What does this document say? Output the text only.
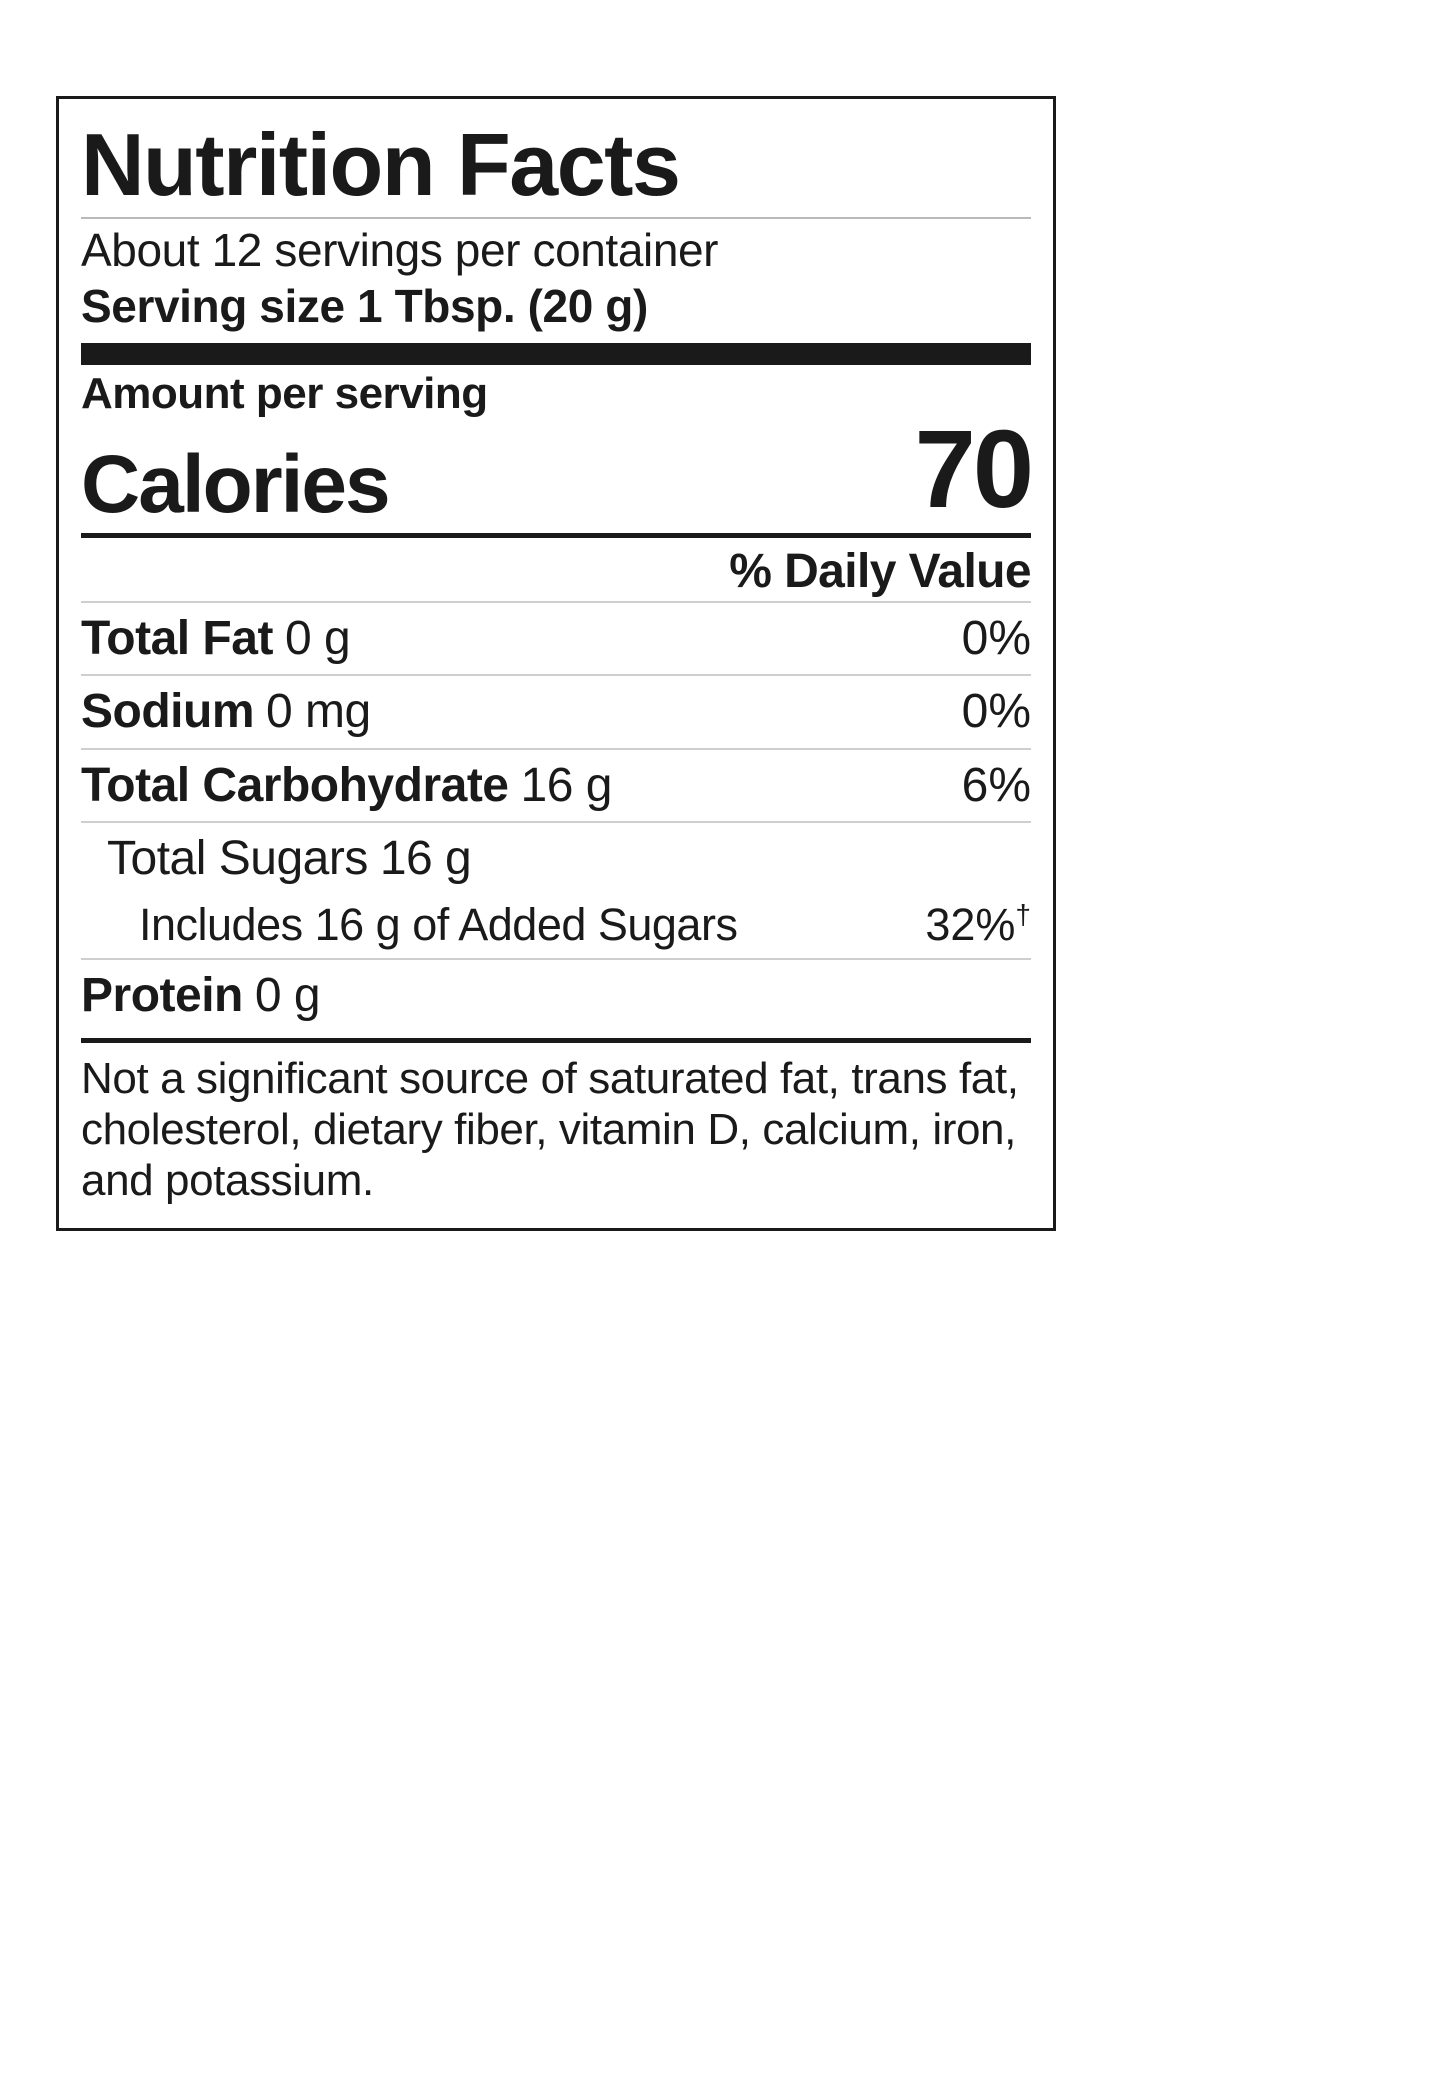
Nutrition Facts
About 12 servings per container
Serving size 1 Tbsp. (20 g)
Amount per serving
Calories	70
% Daily Value
Total Fat 0 g	0%
Sodium 0 mg	0%
Total Carbohydrate 16 g	6%
Total Sugars 16 g
Includes 16 g of Added Sugars	32%†
Protein 0 g
Not a significant source of saturated fat, trans fat, cholesterol, dietary fiber, vitamin D, calcium, iron, and potassium.
